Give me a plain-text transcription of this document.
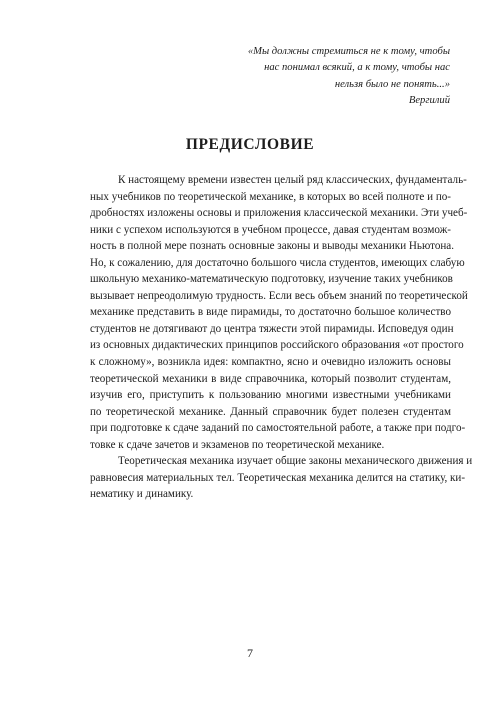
«Мы должны стремиться не к тому, чтобы
нас понимал всякий, а к тому, чтобы нас
нельзя было не понять...»
Вергилий
ПРЕДИСЛОВИЕ
К настоящему времени известен целый ряд классических, фундаменталь-
ных учебников по теоретической механике, в которых во всей полноте и по-
дробностях изложены основы и приложения классической механики. Эти учеб-
ники с успехом используются в учебном процессе, давая студентам возмож-
ность в полной мере познать основные законы и выводы механики Ньютона.
Но, к сожалению, для достаточно большого числа студентов, имеющих слабую
школьную механико-математическую подготовку, изучение таких учебников
вызывает непреодолимую трудность. Если весь объем знаний по теоретической
механике представить в виде пирамиды, то достаточно большое количество
студентов не дотягивают до центра тяжести этой пирамиды. Исповедуя один
из основных дидактических принципов российского образования «от простого
к сложному», возникла идея: компактно, ясно и очевидно изложить основы
теоретической механики в виде справочника, который позволит студентам,
изучив его, приступить к пользованию многими известными учебниками
по теоретической механике. Данный справочник будет полезен студентам
при подготовке к сдаче заданий по самостоятельной работе, а также при подго-
товке к сдаче зачетов и экзаменов по теоретической механике.
Теоретическая механика изучает общие законы механического движения и
равновесия материальных тел. Теоретическая механика делится на статику, ки-
нематику и динамику.
7
